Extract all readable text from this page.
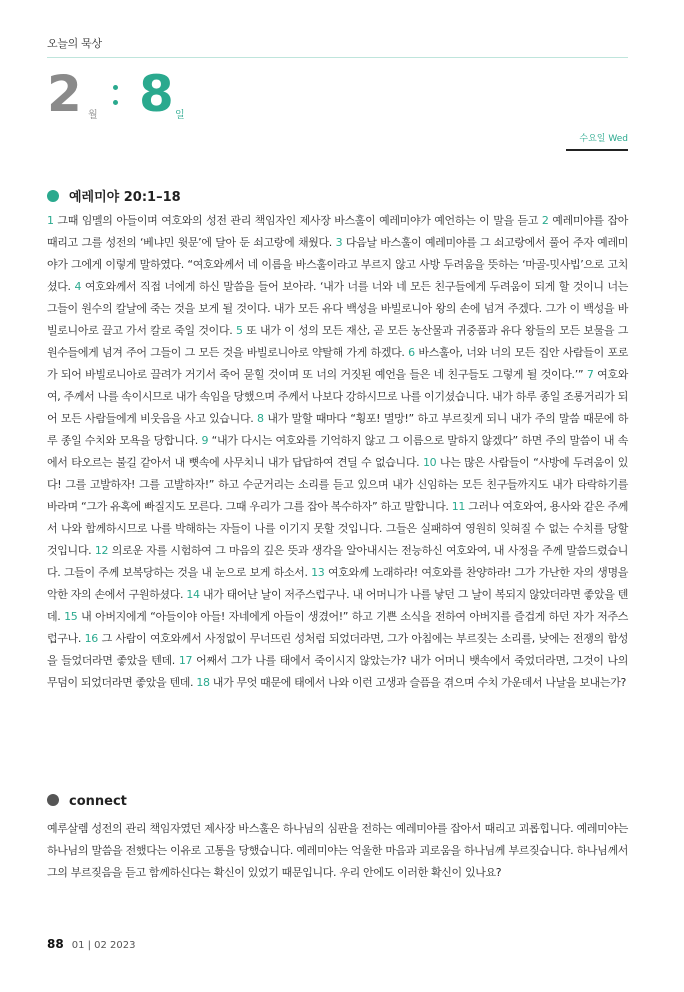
오늘의 묵상
2 월 8 일
수요일 Wed
예레미야 20:1–18

1 그때 임멜의 아들이며 여호와의 성전 관리 책임자인 제사장 바스훌이 예레미야가 예언하는 이 말을 듣고 2 예레미야를 잡아 때리고 그를 성전의 ‘베냐민 윗문’에 달아 둔 쇠고랑에 채웠다. 3 다음날 바스훌이 예레미야를 그 쇠고랑에서 풀어 주자 예레미야가 그에게 이렇게 말하였다. “여호와께서 네 이름을 바스훌이라고 부르지 않고 사방 두려움을 뜻하는 ‘마골-밋사빕’으로 고치셨다. 4 여호와께서 직접 너에게 하신 말씀을 들어 보아라. ‘내가 너를 너와 네 모든 친구들에게 두려움이 되게 할 것이니 너는 그들이 원수의 칼날에 죽는 것을 보게 될 것이다. 내가 모든 유다 백성을 바빌로니아 왕의 손에 넘겨 주겠다. 그가 이 백성을 바빌로니아로 끌고 가서 칼로 죽일 것이다. 5 또 내가 이 성의 모든 재산, 곧 모든 농산물과 귀중품과 유다 왕들의 모든 보물을 그 원수들에게 넘겨 주어 그들이 그 모든 것을 바빌로니아로 약탈해 가게 하겠다. 6 바스훌아, 너와 너의 모든 집안 사람들이 포로가 되어 바빌로니아로 끌려가 거기서 죽어 묻힐 것이며 또 너의 거짓된 예언을 들은 네 친구들도 그렇게 될 것이다.’” 7 여호와여, 주께서 나를 속이시므로 내가 속임을 당했으며 주께서 나보다 강하시므로 나를 이기셨습니다. 내가 하루 종일 조롱거리가 되어 모든 사람들에게 비웃음을 사고 있습니다. 8 내가 말할 때마다 “횡포! 멸망!” 하고 부르짖게 되니 내가 주의 말씀 때문에 하루 종일 수치와 모욕을 당합니다. 9 “내가 다시는 여호와를 기억하지 않고 그 이름으로 말하지 않겠다” 하면 주의 말씀이 내 속에서 타오르는 불길 같아서 내 뼛속에 사무치니 내가 답답하여 견딜 수 없습니다. 10 나는 많은 사람들이 “사방에 두려움이 있다! 그를 고발하자! 그를 고발하자!” 하고 수군거리는 소리를 듣고 있으며 내가 신임하는 모든 친구들까지도 내가 타락하기를 바라며 “그가 유혹에 빠질지도 모른다. 그때 우리가 그를 잡아 복수하자” 하고 말합니다. 11 그러나 여호와여, 용사와 같은 주께서 나와 함께하시므로 나를 박해하는 자들이 나를 이기지 못할 것입니다. 그들은 실패하여 영원히 잊혀질 수 없는 수치를 당할 것입니다. 12 의로운 자를 시험하여 그 마음의 깊은 뜻과 생각을 알아내시는 전능하신 여호와여, 내 사정을 주께 말씀드렸습니다. 그들이 주께 보복당하는 것을 내 눈으로 보게 하소서. 13 여호와께 노래하라! 여호와를 찬양하라! 그가 가난한 자의 생명을 악한 자의 손에서 구원하셨다. 14 내가 태어난 날이 저주스럽구나. 내 어머니가 나를 낳던 그 날이 복되지 않았더라면 좋았을 텐데. 15 내 아버지에게 “아들이야 아들! 자네에게 아들이 생겼어!” 하고 기쁜 소식을 전하여 아버지를 즐겁게 하던 자가 저주스럽구나. 16 그 사람이 여호와께서 사정없이 무너뜨린 성처럼 되었더라면, 그가 아침에는 부르짖는 소리를, 낮에는 전쟁의 함성을 들었더라면 좋았을 텐데. 17 어째서 그가 나를 태에서 죽이시지 않았는가? 내가 어머니 뱃속에서 죽었더라면, 그것이 나의 무덤이 되었더라면 좋았을 텐데. 18 내가 무엇 때문에 태에서 나와 이런 고생과 슬픔을 겪으며 수치 가운데서 나날을 보내는가?

connect

예루살렘 성전의 관리 책임자였던 제사장 바스훌은 하나님의 심판을 전하는 예레미야를 잡아서 때리고 괴롭힙니다. 예레미야는 하나님의 말씀을 전했다는 이유로 고통을 당했습니다. 예레미야는 억울한 마음과 괴로움을 하나님께 부르짖습니다. 하나님께서 그의 부르짖음을 듣고 함께하신다는 확신이 있었기 때문입니다. 우리 안에도 이러한 확신이 있나요?

88 01 | 02 2023
